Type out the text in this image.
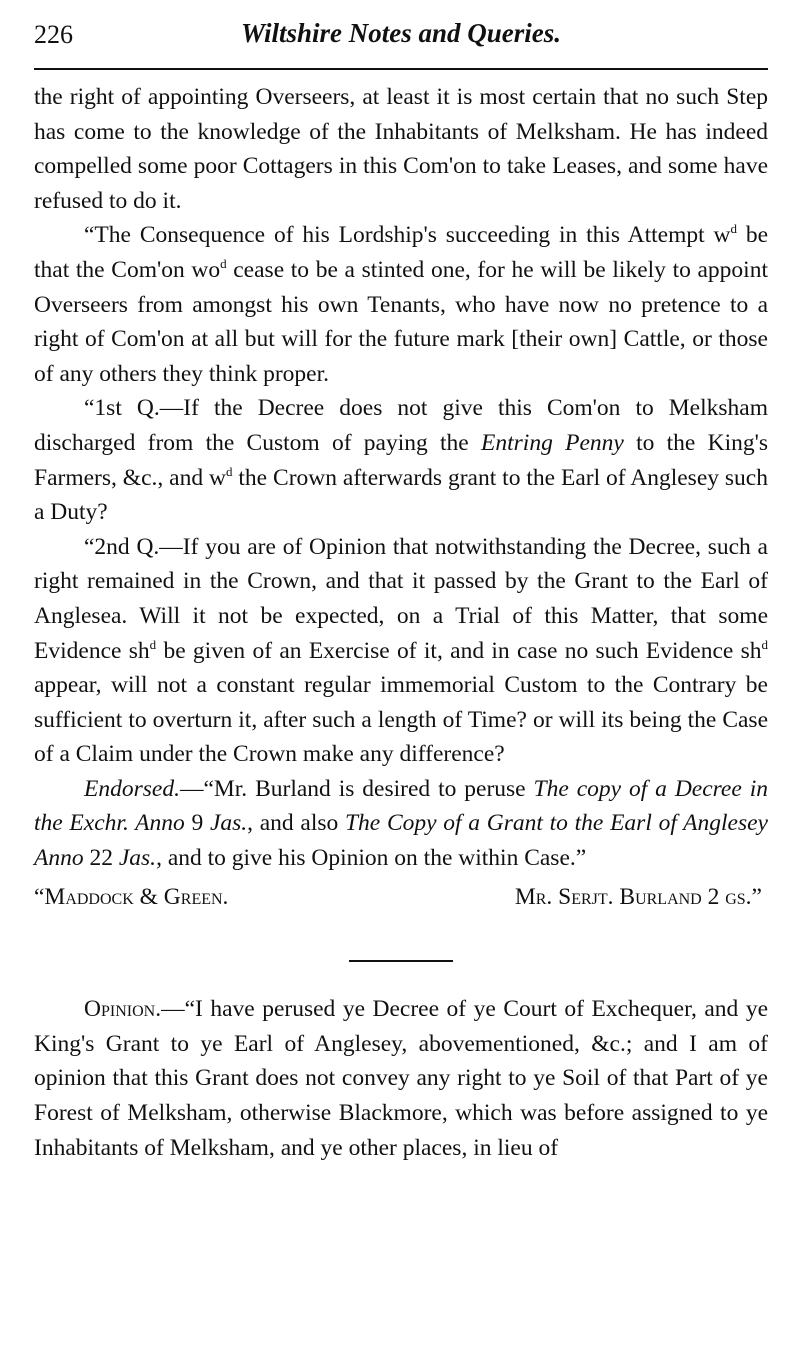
226	Wiltshire Notes and Queries.

the right of appointing Overseers, at least it is most certain that no such Step has come to the knowledge of the Inhabitants of Melksham. He has indeed compelled some poor Cottagers in this Com'on to take Leases, and some have refused to do it.

“The Consequence of his Lordship's succeeding in this Attempt $w^d$ be that the Com'on $wo^d$ cease to be a stinted one, for he will be likely to appoint Overseers from amongst his own Tenants, who have now no pretence to a right of Com'on at all but will for the future mark [their own] Cattle, or those of any others they think proper.

“1st Q.—If the Decree does not give this Com'on to Melksham discharged from the Custom of paying the Entring Penny to the King's Farmers, &c., and $w^d$ the Crown afterwards grant to the Earl of Anglesey such a Duty?

“2nd Q.—If you are of Opinion that notwithstanding the Decree, such a right remained in the Crown, and that it passed by the Grant to the Earl of Anglesea. Will it not be expected, on a Trial of this Matter, that some Evidence $sh^d$ be given of an Exercise of it, and in case no such Evidence $sh^d$ appear, will not a constant regular immemorial Custom to the Contrary be sufficient to overturn it, after such a length of Time? or will its being the Case of a Claim under the Crown make any difference?

Endorsed.—“Mr. Burland is desired to peruse The copy of a Decree in the Exchr. Anno 9 Jas., and also The Copy of a Grant to the Earl of Anglesey Anno 22 Jas., and to give his Opinion on the within Case.”

“Maddock & Green.	Mr. Serjt. Burland 2 gs.”

Opinion.—“I have perused ye Decree of ye Court of Exchequer, and ye King's Grant to ye Earl of Anglesey, abovementioned, &c.; and I am of opinion that this Grant does not convey any right to ye Soil of that Part of ye Forest of Melksham, otherwise Blackmore, which was before assigned to ye Inhabitants of Melksham, and ye other places, in lieu of
